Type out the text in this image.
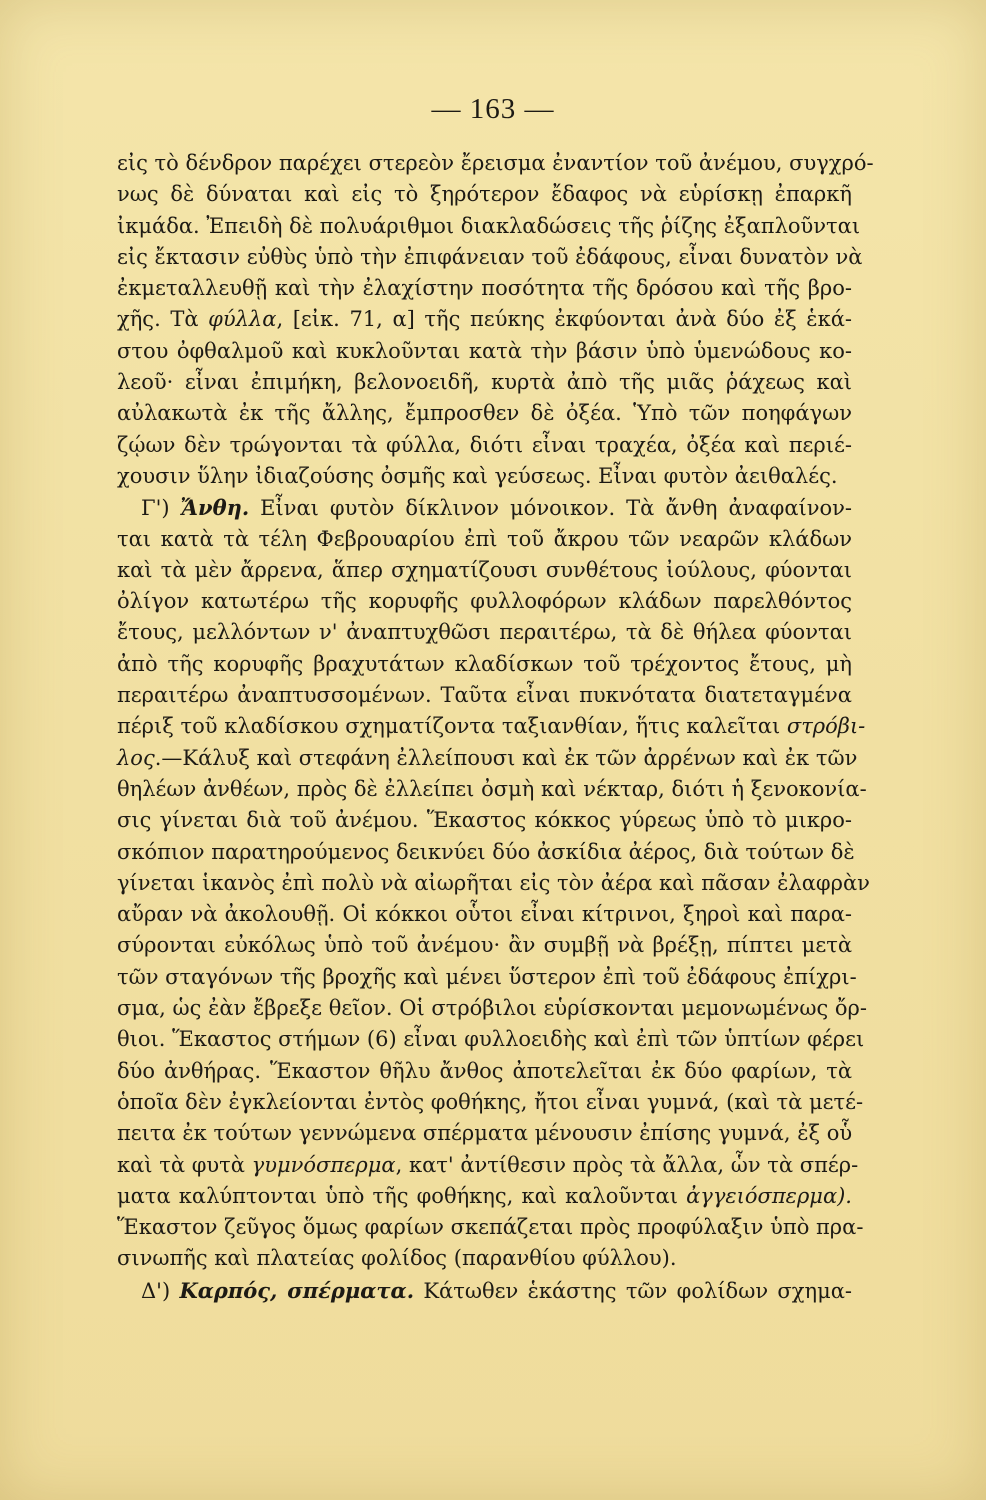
— 163 —
εἰς τὸ δένδρον παρέχει στερεὸν ἔρεισμα ἐναντίον τοῦ ἀνέμου, συγχρό-
νως δὲ δύναται καὶ εἰς τὸ ξηρότερον ἔδαφος νὰ εὑρίσκῃ ἐπαρκῆ
ἰκμάδα. Ἐπειδὴ δὲ πολυάριθμοι διακλαδώσεις τῆς ῥίζης ἐξαπλοῦνται
εἰς ἔκτασιν εὐθὺς ὑπὸ τὴν ἐπιφάνειαν τοῦ ἐδάφους, εἶναι δυνατὸν νὰ
ἐκμεταλλευθῇ καὶ τὴν ἐλαχίστην ποσότητα τῆς δρόσου καὶ τῆς βρο-
χῆς. Τὰ φύλλα, [εἰκ. 71, α] τῆς πεύκης ἐκφύονται ἀνὰ δύο ἐξ ἑκά-
στου ὀφθαλμοῦ καὶ κυκλοῦνται κατὰ τὴν βάσιν ὑπὸ ὑμενώδους κο-
λεοῦ· εἶναι ἐπιμήκη, βελονοειδῆ, κυρτὰ ἀπὸ τῆς μιᾶς ῥάχεως καὶ
αὐλακωτὰ ἐκ τῆς ἄλλης, ἔμπροσθεν δὲ ὀξέα. Ὑπὸ τῶν ποηφάγων
ζῴων δὲν τρώγονται τὰ φύλλα, διότι εἶναι τραχέα, ὀξέα καὶ περιέ-
χουσιν ὕλην ἰδιαζούσης ὀσμῆς καὶ γεύσεως. Εἶναι φυτὸν ἀειθαλές.
Γ') Ἄνθη. Εἶναι φυτὸν δίκλινον μόνοικον. Τὰ ἄνθη ἀναφαίνον-
ται κατὰ τὰ τέλη Φεβρουαρίου ἐπὶ τοῦ ἄκρου τῶν νεαρῶν κλάδων
καὶ τὰ μὲν ἄρρενα, ἅπερ σχηματίζουσι συνθέτους ἰούλους, φύονται
ὀλίγον κατωτέρω τῆς κορυφῆς φυλλοφόρων κλάδων παρελθόντος
ἔτους, μελλόντων ν' ἀναπτυχθῶσι περαιτέρω, τὰ δὲ θήλεα φύονται
ἀπὸ τῆς κορυφῆς βραχυτάτων κλαδίσκων τοῦ τρέχοντος ἔτους, μὴ
περαιτέρω ἀναπτυσσομένων. Ταῦτα εἶναι πυκνότατα διατεταγμένα
πέριξ τοῦ κλαδίσκου σχηματίζοντα ταξιανθίαν, ἥτις καλεῖται στρόβι-
λος.—Κάλυξ καὶ στεφάνη ἐλλείπουσι καὶ ἐκ τῶν ἀρρένων καὶ ἐκ τῶν
θηλέων ἀνθέων, πρὸς δὲ ἐλλείπει ὀσμὴ καὶ νέκταρ, διότι ἡ ξενοκονία-
σις γίνεται διὰ τοῦ ἀνέμου. Ἕκαστος κόκκος γύρεως ὑπὸ τὸ μικρο-
σκόπιον παρατηρούμενος δεικνύει δύο ἀσκίδια ἀέρος, διὰ τούτων δὲ
γίνεται ἱκανὸς ἐπὶ πολὺ νὰ αἰωρῆται εἰς τὸν ἀέρα καὶ πᾶσαν ἐλαφρὰν
αὔραν νὰ ἀκολουθῇ. Οἱ κόκκοι οὗτοι εἶναι κίτρινοι, ξηροὶ καὶ παρα-
σύρονται εὐκόλως ὑπὸ τοῦ ἀνέμου· ἂν συμβῇ νὰ βρέξῃ, πίπτει μετὰ
τῶν σταγόνων τῆς βροχῆς καὶ μένει ὕστερον ἐπὶ τοῦ ἐδάφους ἐπίχρι-
σμα, ὡς ἐὰν ἔβρεξε θεῖον. Οἱ στρόβιλοι εὑρίσκονται μεμονωμένως ὄρ-
θιοι. Ἕκαστος στήμων (6) εἶναι φυλλοειδὴς καὶ ἐπὶ τῶν ὑπτίων φέρει
δύο ἀνθήρας. Ἕκαστον θῆλυ ἄνθος ἀποτελεῖται ἐκ δύο φαρίων, τὰ
ὁποῖα δὲν ἐγκλείονται ἐντὸς φοθήκης, ἤτοι εἶναι γυμνά, (καὶ τὰ μετέ-
πειτα ἐκ τούτων γεννώμενα σπέρματα μένουσιν ἐπίσης γυμνά, ἐξ οὗ
καὶ τὰ φυτὰ γυμνόσπερμα, κατ' ἀντίθεσιν πρὸς τὰ ἄλλα, ὧν τὰ σπέρ-
ματα καλύπτονται ὑπὸ τῆς φοθήκης, καὶ καλοῦνται ἀγγειόσπερμα).
Ἕκαστον ζεῦγος ὅμως φαρίων σκεπάζεται πρὸς προφύλαξιν ὑπὸ πρα-
σινωπῆς καὶ πλατείας φολίδος (παρανθίου φύλλου).
Δ') Καρπός, σπέρματα. Κάτωθεν ἑκάστης τῶν φολίδων σχημα-
